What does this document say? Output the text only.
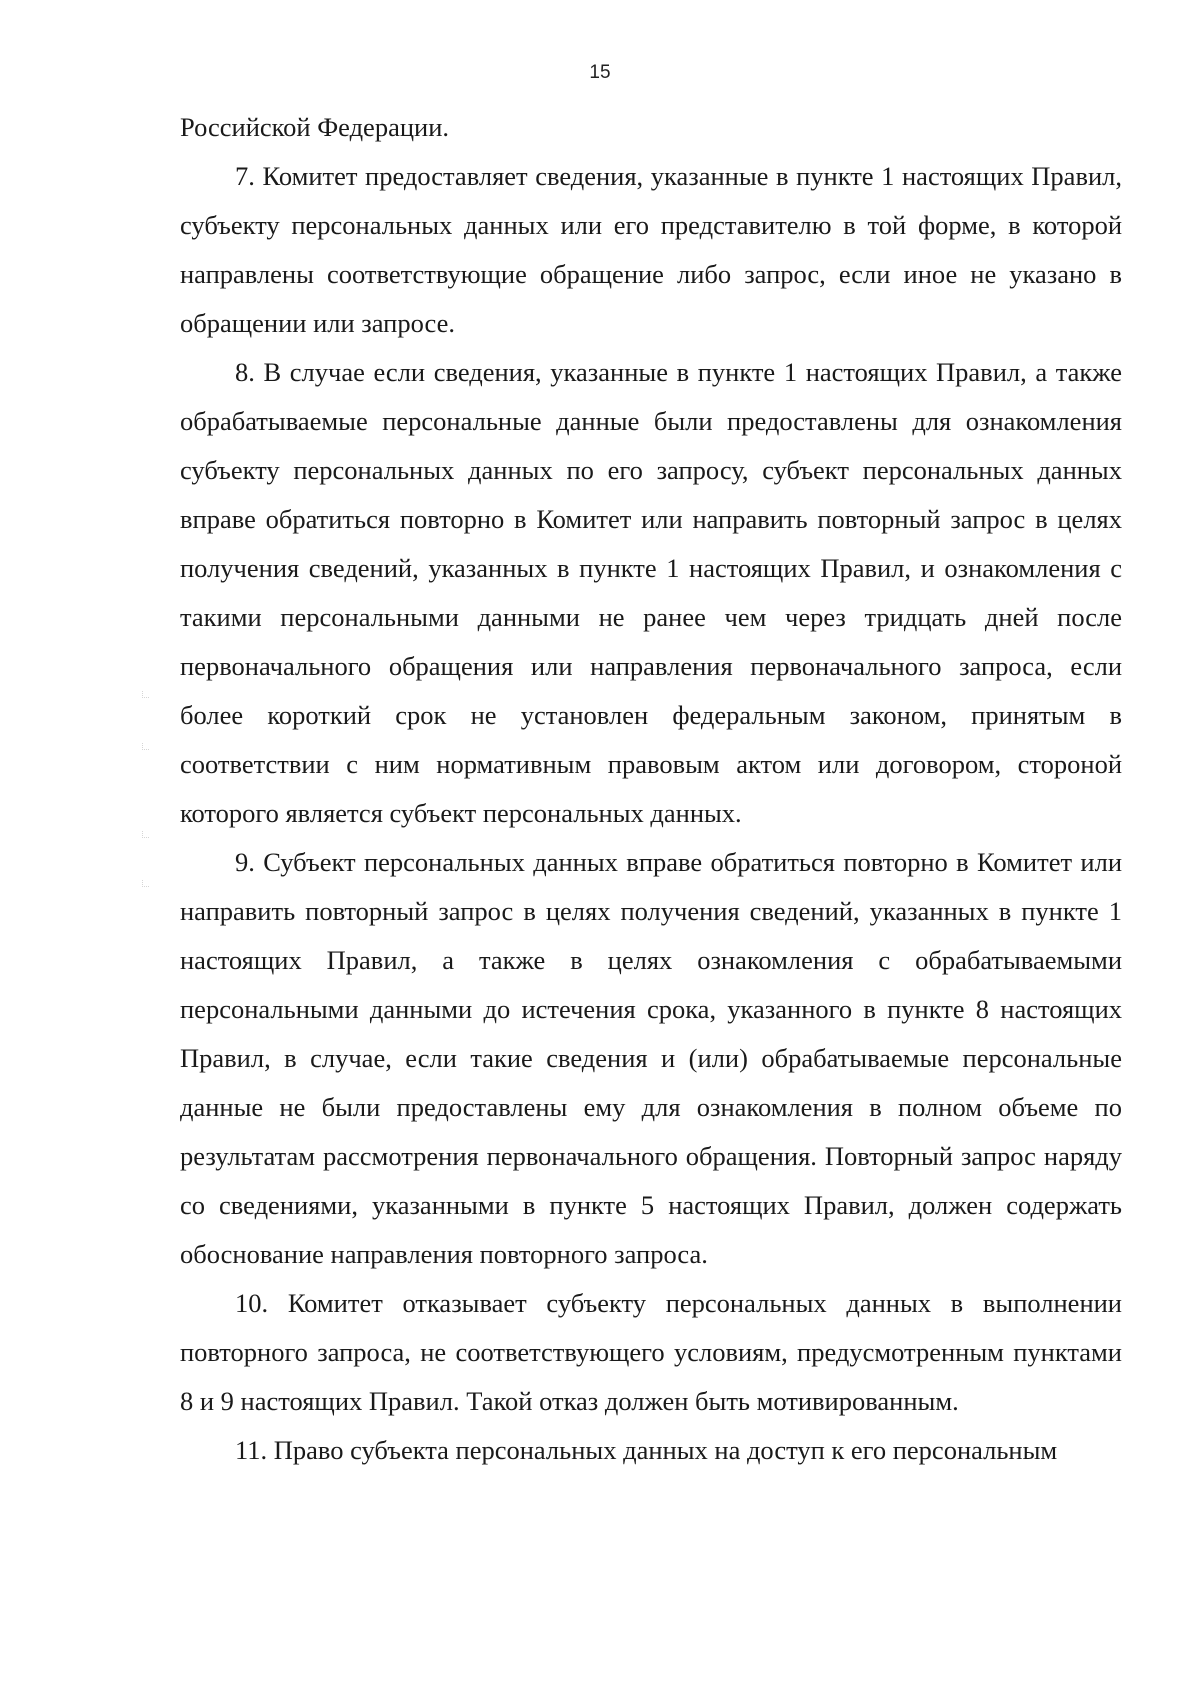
15

Российской Федерации.

7. Комитет предоставляет сведения, указанные в пункте 1 настоящих Правил, субъекту персональных данных или его представителю в той форме, в которой направлены соответствующие обращение либо запрос, если иное не указано в обращении или запросе.

8. В случае если сведения, указанные в пункте 1 настоящих Правил, а также обрабатываемые персональные данные были предоставлены для ознакомления субъекту персональных данных по его запросу, субъект персональных данных вправе обратиться повторно в Комитет или направить повторный запрос в целях получения сведений, указанных в пункте 1 настоящих Правил, и ознакомления с такими персональными данными не ранее чем через тридцать дней после первоначального обращения или направления первоначального запроса, если более короткий срок не установлен федеральным законом, принятым в соответствии с ним нормативным правовым актом или договором, стороной которого является субъект персональных данных.

9. Субъект персональных данных вправе обратиться повторно в Комитет или направить повторный запрос в целях получения сведений, указанных в пункте 1 настоящих Правил, а также в целях ознакомления с обрабатываемыми персональными данными до истечения срока, указанного в пункте 8 настоящих Правил, в случае, если такие сведения и (или) обрабатываемые персональные данные не были предоставлены ему для ознакомления в полном объеме по результатам рассмотрения первоначального обращения. Повторный запрос наряду со сведениями, указанными в пункте 5 настоящих Правил, должен содержать обоснование направления повторного запроса.

10. Комитет отказывает субъекту персональных данных в выполнении повторного запроса, не соответствующего условиям, предусмотренным пунктами 8 и 9 настоящих Правил. Такой отказ должен быть мотивированным.

11. Право субъекта персональных данных на доступ к его персональным
